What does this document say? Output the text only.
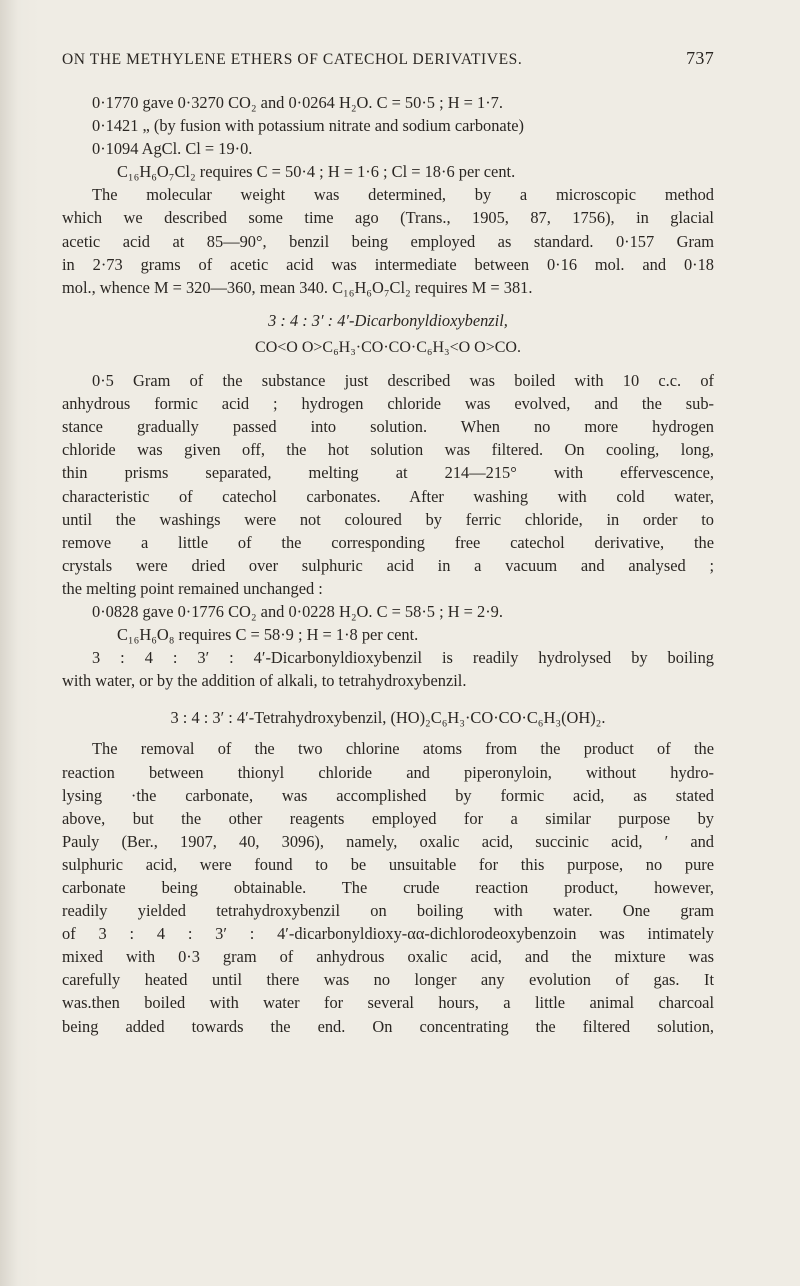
ON THE METHYLENE ETHERS OF CATECHOL DERIVATIVES.	737
0·1770 gave 0·3270 CO₂ and 0·0264 H₂O. C = 50·5 ; H = 1·7.
0·1421 „ (by fusion with potassium nitrate and sodium carbonate)
0·1094 AgCl. Cl = 19·0.
C₁₆H₆O₇Cl₂ requires C = 50·4 ; H = 1·6 ; Cl = 18·6 per cent.
The molecular weight was determined, by a microscopic method
which we described some time ago (Trans., 1905, 87, 1756), in glacial
acetic acid at 85—90°, benzil being employed as standard. 0·157 Gram
in 2·73 grams of acetic acid was intermediate between 0·16 mol. and 0·18
mol., whence M = 320—360, mean 340. C₁₆H₆O₇Cl₂ requires M = 381.
3 : 4 : 3′ : 4′-Dicarbonyldioxybenzil,
CO<O O>C₆H₃·CO·CO·C₆H₃<O O>CO.
0·5 Gram of the substance just described was boiled with 10 c.c. of
anhydrous formic acid ; hydrogen chloride was evolved, and the sub-
stance gradually passed into solution. When no more hydrogen
chloride was given off, the hot solution was filtered. On cooling, long,
thin prisms separated, melting at 214—215° with effervescence,
characteristic of catechol carbonates. After washing with cold water,
until the washings were not coloured by ferric chloride, in order to
remove a little of the corresponding free catechol derivative, the
crystals were dried over sulphuric acid in a vacuum and analysed ;
the melting point remained unchanged :
0·0828 gave 0·1776 CO₂ and 0·0228 H₂O. C = 58·5 ; H = 2·9.
C₁₆H₆O₈ requires C = 58·9 ; H = 1·8 per cent.
3 : 4 : 3′ : 4′-Dicarbonyldioxybenzil is readily hydrolysed by boiling
with water, or by the addition of alkali, to tetrahydroxybenzil.
3 : 4 : 3′ : 4′-Tetrahydroxybenzil, (HO)₂C₆H₃·CO·CO·C₆H₃(OH)₂.
The removal of the two chlorine atoms from the product of the
reaction between thionyl chloride and piperonyloin, without hydro-
lysing ·the carbonate, was accomplished by formic acid, as stated
above, but the other reagents employed for a similar purpose by
Pauly (Ber., 1907, 40, 3096), namely, oxalic acid, succinic acid, ʹ and
sulphuric acid, were found to be unsuitable for this purpose, no pure
carbonate being obtainable. The crude reaction product, however,
readily yielded tetrahydroxybenzil on boiling with water. One gram
of 3 : 4 : 3′ : 4′-dicarbonyldioxy-αα-dichlorodeoxybenzoin was intimately
mixed with 0·3 gram of anhydrous oxalic acid, and the mixture was
carefully heated until there was no longer any evolution of gas. It
was.then boiled with water for several hours, a little animal charcoal
being added towards the end. On concentrating the filtered solution,
